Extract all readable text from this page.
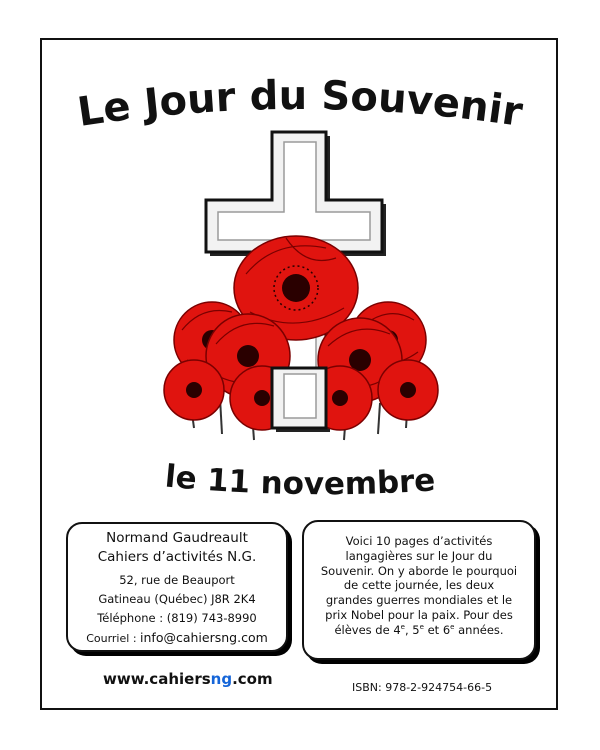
Le Jour du Souvenir
le 11 novembre
Normand Gaudreault
Cahiers d’activités N.G.
52, rue de Beauport
Gatineau (Québec) J8R 2K4
Téléphone : (819) 743-8990
Courriel : info@cahiersng.com
Voici 10 pages d’activités
langagières sur le Jour du
Souvenir. On y aborde le pourquoi
de cette journée, les deux
grandes guerres mondiales et le
prix Nobel pour la paix. Pour des
élèves de 4e, 5e et 6e années.
www.cahiersng.com	ISBN: 978-2-924754-66-5
